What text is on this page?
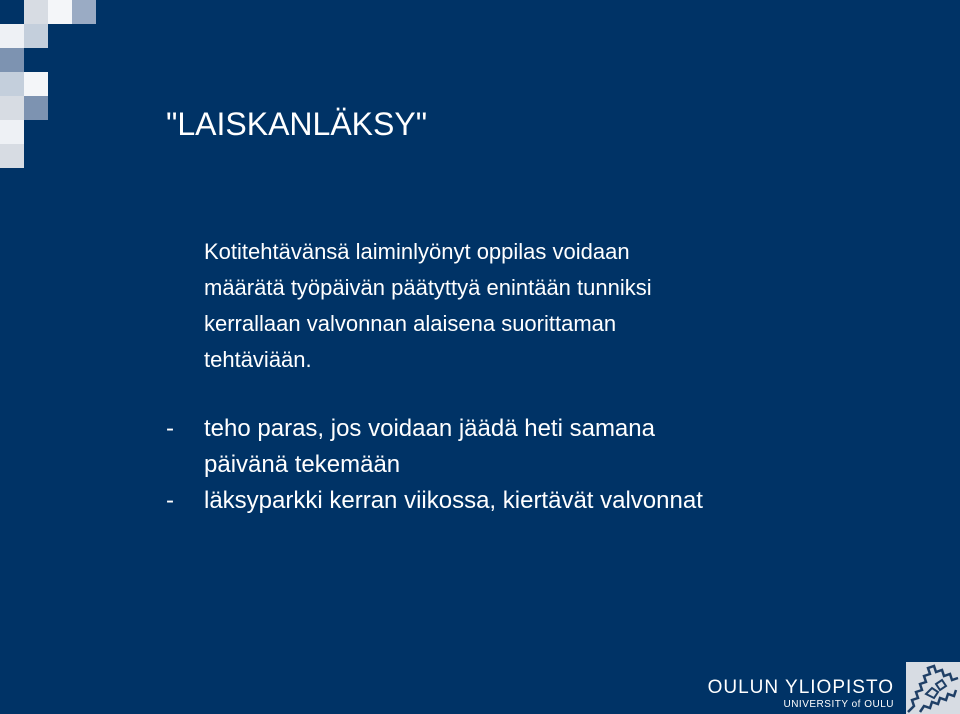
"LAISKANLÄKSY"
Kotitehtävänsä laiminlyönyt oppilas voidaan
määrätä työpäivän päätyttyä enintään tunniksi
kerrallaan valvonnan alaisena suorittaman
tehtäviään.
- teho paras, jos voidaan jäädä heti samana
päivänä tekemään
- läksyparkki kerran viikossa, kiertävät valvonnat
OULUN YLIOPISTO
UNIVERSITY of OULU
